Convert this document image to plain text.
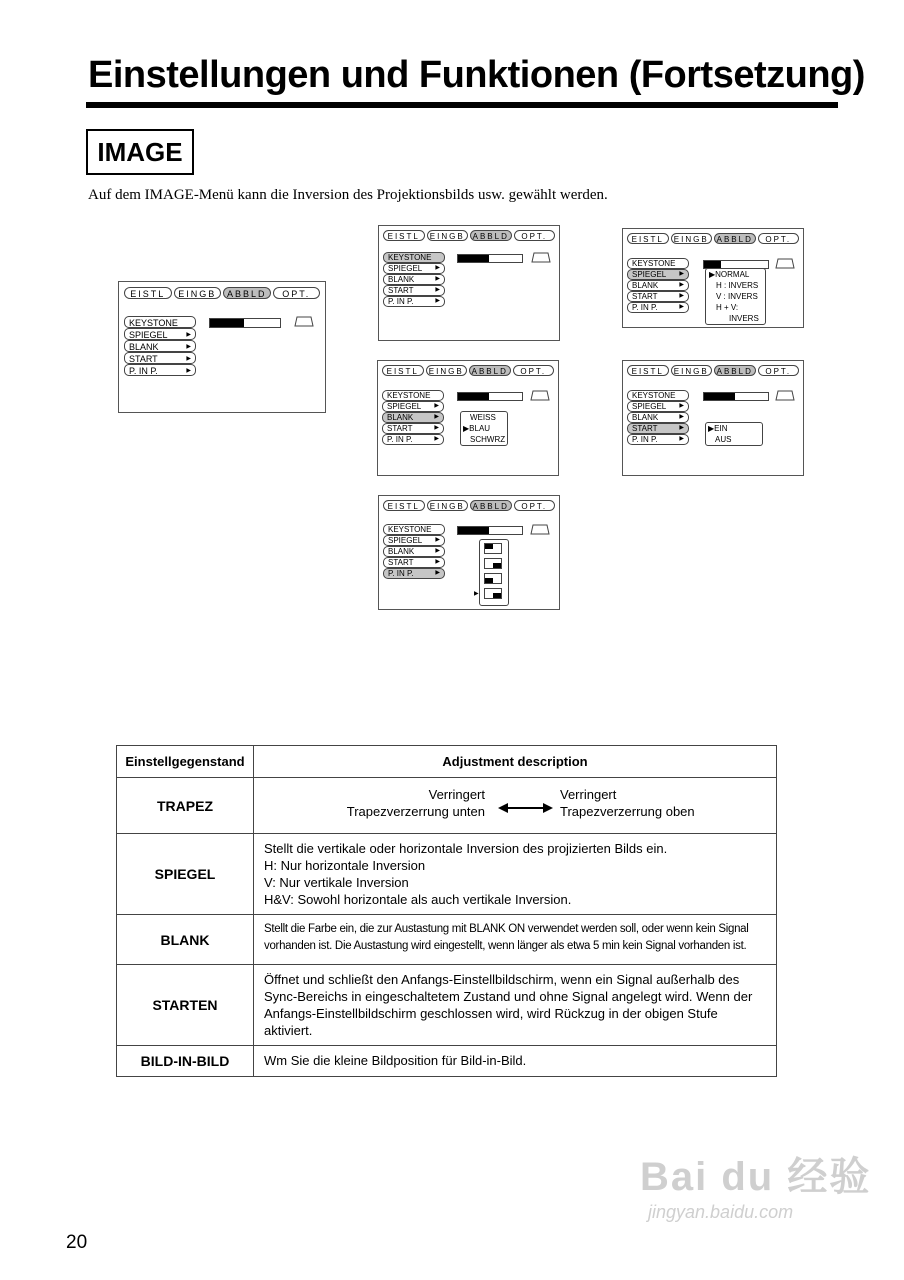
Einstellungen und Funktionen (Fortsetzung)
IMAGE
Auf dem IMAGE-Menü kann die Inversion des Projektionsbilds usw. gewählt werden.
EISTL	EINGB	ABBLD	OPT.
KEYSTONE
SPIEGEL	▶
BLANK	▶
START	▶
P. IN P.	▶
EISTL	EINGB ABBLD	OPT.
KEYSTONE
SPIEGEL ▶
BLANK	▶
START	▶
P. IN P.	▶
EISTL	EINGB ABBLD	OPT.
KEYSTONE
SPIEGEL ▶
BLANK	▶
START	▶
P. IN P.	▶
▶NORMAL
H : INVERS
V : INVERS
H + V:
INVERS
EISTL	EINGB ABBLD	OPT.
KEYSTONE
SPIEGEL ▶
BLANK	▶
START	▶
P. IN P.	▶
WEISS
▶BLAU
SCHWRZ
EISTL	EINGB ABBLD	OPT.
KEYSTONE
SPIEGEL ▶
BLANK	▶
START	▶
P. IN P.	▶
▶EIN
AUS
EISTL	EINGB ABBLD	OPT.
KEYSTONE
SPIEGEL ▶
BLANK	▶
START	▶
P. IN P.	▶
▶
Einstellgegenstand	Adjustment description
TRAPEZ	Verringert
Trapezverzerrung unten
Verringert
Trapezverzerrung oben

SPIEGEL	Stellt die vertikale oder horizontale Inversion des projizierten Bilds ein.
H: Nur horizontale Inversion
V: Nur vertikale Inversion
H&V: Sowohl horizontale als auch vertikale Inversion.

BLANK	Stellt die Farbe ein, die zur Austastung mit BLANK ON verwendet werden soll, oder wenn kein Signal
vorhanden ist. Die Austastung wird eingestellt, wenn länger als etwa 5 min kein Signal vorhanden ist.

STARTEN	Öffnet und schließt den Anfangs-Einstellbildschirm, wenn ein Signal außerhalb des
Sync-Bereichs in eingeschaltetem Zustand und ohne Signal angelegt wird. Wenn der
Anfangs-Einstellbildschirm geschlossen wird, wird Rückzug in der obigen Stufe aktiviert.

BILD-IN-BILD	Wm Sie die kleine Bildposition für Bild-in-Bild.
20
Bai du 经验
jingyan.baidu.com
